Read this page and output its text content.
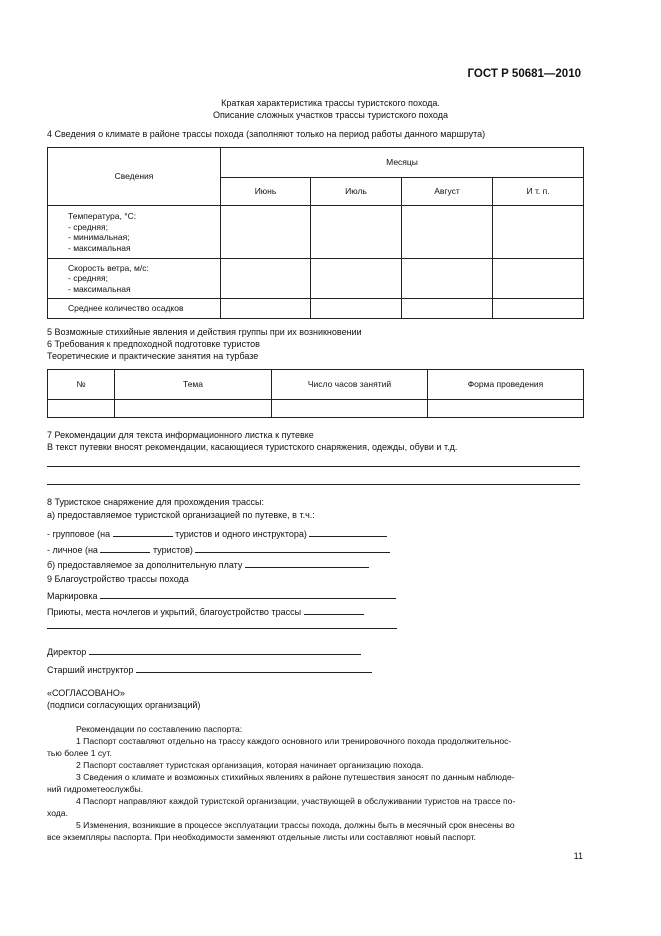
ГОСТ Р 50681—2010
Краткая характеристика трассы туристского похода.
Описание сложных участков трассы туристского похода
4 Сведения о климате в районе трассы похода (заполняют только на период работы данного маршрута)
Сведения	Месяцы			
	Июнь	Июль	Август	И т. п.

Температура, °С:
- средняя;
- минимальная;
- максимальная				

Скорость ветра, м/с:
- средняя;
- максимальная				

Среднее количество осадков				
5 Возможные стихийные явления и действия группы при их возникновении
6 Требования к предпоходной подготовке туристов
Теоретические и практические занятия на турбазе
№	Тема	Число часов занятий	Форма проведения

7 Рекомендации для текста информационного листка к путевке
В текст путевки вносят рекомендации, касающиеся туристского снаряжения, одежды, обуви и т.д.
8 Туристское снаряжение для прохождения трассы:
а) предоставляемое туристской организацией по путевке, в т.ч.:
- групповое (на	туристов и одного инструктора)
- личное (на	туристов)
б) предоставляемое за дополнительную плату
9 Благоустройство трассы похода
Маркировка
Приюты, места ночлегов и укрытий, благоустройство трассы
Директор
Старший инструктор
«СОГЛАСОВАНО»
(подписи согласующих организаций)
Рекомендации по составлению паспорта:
1 Паспорт составляют отдельно на трассу каждого основного или тренировочного похода продолжительнос-
тью более 1 сут.
2 Паспорт составляет туристская организация, которая начинает организацию похода.
3 Сведения о климате и возможных стихийных явлениях в районе путешествия заносят по данным наблюде-
ний гидрометеослужбы.
4 Паспорт направляют каждой туристской организации, участвующей в обслуживании туристов на трассе по-
хода.
5 Изменения, возникшие в процессе эксплуатации трассы похода, должны быть в месячный срок внесены во
все экземпляры паспорта. При необходимости заменяют отдельные листы или составляют новый паспорт.
11
